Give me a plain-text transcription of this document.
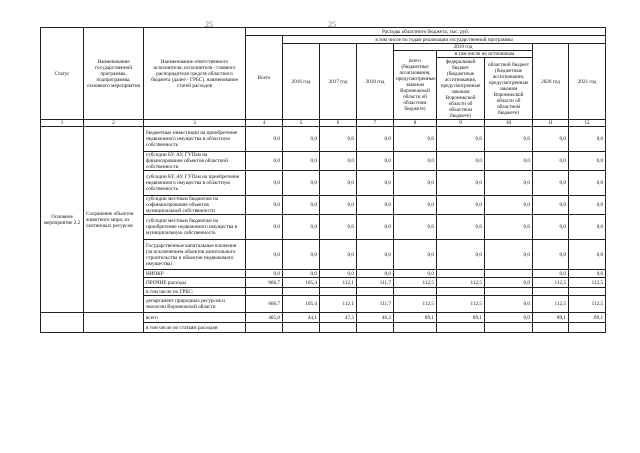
25	25
Статус	Наименование государственной программы, подпрограммы, основного мероприятия	Наименование ответственного исполнителя, исполнителя - главного распорядителя средств областного бюджета (далее - ГРБС), наименование статей расходов	Расходы областного бюджета, тыс. руб.								
			Всего	в том числе по годам реализации государственной программы							
				2016 год	2017 год	2018 год	2019 год			2020 год	2021 год
							всего (бюджетные ассигнования, предусмотренные законом Воронежской области об областном бюджете)	в том числе по источникам			
								федеральный бюджет (бюджетные ассигнования, предусмотренные законом Воронежской области об областном бюджете)	областной бюджет (бюджетные ассигнования, предусмотренные законом Воронежской области об областном бюджете)		
1	2	3	4	5	6	7	8	9	10	11	12
Основное мероприятие 2.2	Сохранение объектов животного мира, их охотничьих ресурсов	бюджетные инвестиции на приобретение недвижимого имущества в областную собственность	0,0	0,0	0,0	0,0	0,0	0,0	0,0	0,0	0,0
		субсидии БУ, АУ, ГУПам на финансирование объектов областной собственности	0,0	0,0	0,0	0,0	0,0	0,0	0,0	0,0	0,0
		субсидии БУ, АУ, ГУПам на приобретение недвижимого имущества в областную собственность	0,0	0,0	0,0	0,0	0,0	0,0	0,0	0,0	0,0
		субсидии местным бюджетам на софинансирование объектов муниципальной собственности	0,0	0,0	0,0	0,0	0,0	0,0	0,0	0,0	0,0
		субсидии местным бюджетам на приобретение недвижимого имущества в муниципальную собственность	0,0	0,0	0,0	0,0	0,0	0,0	0,0	0,0	0,0
		Государственные капитальные вложения (за исключением объектов капитального строительства и объектов недвижимого имущества)	0,0	0,0	0,0	0,0	0,0	0,0	0,0	0,0	0,0
		НИОКР	0,0	0,0	0,0	0,0	0,0			0,0	0,0
		ПРОЧИЕ расходы	666,7	105,4	112,1	111,7	112,5	112,5	0,0	112,5	112,5
		в том числе по ГРБС:									
		департамент природных ресурсов и экологии Воронежской области	666,7	105,4	112,1	111,7	112,5	112,5	0,0	112,5	112,5
		всего	405,0	44,1	47,3	46,3	89,1	89,1	0,0	89,1	89,1
		в том числе по статьям расходов									
